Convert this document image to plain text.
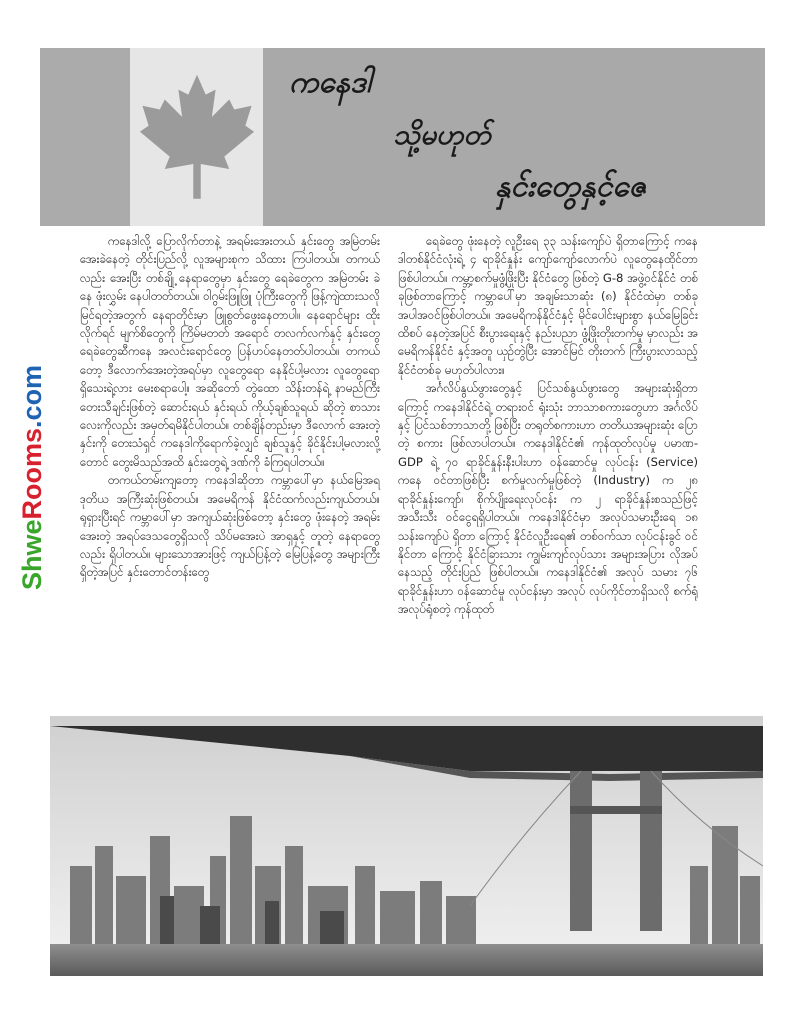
ကနေဒါ
သို့မဟုတ်
နှင်းတွေနှင့်ဇေ
ShweRooms.com

ကနေဒါလို့ ပြောလိုက်တာနဲ့ အရမ်းအေးတယ် နှင်းတွေ အမြဲတမ်း အေးခဲနေတဲ့ တိုင်းပြည်လို့ လူအများစုက သိထား ကြပါတယ်။ တကယ်လည်း အေးပြီး တစ်ချို့ နေရာတွေမှာ နှင်းတွေ ရေခဲတွေက အမြဲတမ်း ခဲနေ ဖုံးလွှမ်း နေပါတတ်တယ်။ ဝါဂွမ်းဖြူဖြူ ပုံကြီးတွေကို ဖြန့်ကျဲထားသလို မြင်ရတဲ့အတွက် နေရာတိုင်းမှာ ဖြူစွတ်ဖွေးနေတာပါ။ နေရောင်များ ထိုးလိုက်ရင် မျက်စိတွေကို ကြိမ်မတတ် အရောင် တလက်လက်နှင့် နှင်းတွေ ရေခဲတွေဆီကနေ အလင်းရောင်တွေ ပြန်ဟပ်နေတတ်ပါတယ်။ တကယ်တော့ ဒီလောက်အေးတဲ့အရပ်မှာ လူတွေရော နေနိုင်ပါ့မလား လူတွေရော ရှိသေးရဲ့လား မေးစရာပေါ့။ အဆိုတော် တွဲထော သိန်းတန်ရဲ့ နာမည်ကြီး တေးသီချင်းဖြစ်တဲ့ ဆောင်းရယ် နှင်းရယ် ကိုယ့်ချစ်သူရယ် ဆိုတဲ့ စာသားလေးကိုလည်း အမှတ်ရမိနိုင်ပါတယ်။ တစ်ချိန်တည်းမှာ ဒီလောက် အေးတဲ့ နှင်းကို တေးသံရှင် ကနေဒါကိုရောက်ခဲ့လျှင် ချစ်သူနှင့် ခိုင်နိုင်းပါ့မလားလို့တောင် တွေးမိသည်အထိ နှင်းတွေရဲ့ ဒဏ်ကို ခံကြရပါတယ်။

တကယ်တမ်းကျတော့ ကနေဒါဆိုတာ ကမ္ဘာပေါ်မှာ နယ်မြေအရ ဒုတိယ အကြီးဆုံးဖြစ်တယ်။ အမေရိကန် နိုင်ငံထက်လည်းကျယ်တယ်။ ရုရှားပြီးရင် ကမ္ဘာပေါ်မှာ အကျယ်ဆုံးဖြစ်တော့ နှင်းတွေ ဖုံးနေတဲ့ အရမ်းအေးတဲ့ အရပ်ဒေသတွေရှိသလို သိပ်မအေးပဲ အာရှနှင့် တူတဲ့ နေရာတွေလည်း ရှိပါတယ်။ များသောအားဖြင့် ကျယ်ပြန့်တဲ့ မြေပြန့်တွေ အများကြီးရှိတဲ့အပြင် နှင်းတောင်တန်းတွေ

ရေခဲတွေ ဖုံးနေတဲ့ လူဦးရေ ၃၃ သန်းကျော်ပဲ ရှိတာကြောင့် ကနေဒါတစ်နိုင်ငံလုံးရဲ့ ၄ ရာခိုင်နှုန်း ကျော်ကျော်လောက်ပဲ လူတွေနေထိုင်တာဖြစ်ပါတယ်။ ကမ္ဘာ့စက်မှုဖွံ့ဖြိုးပြီး နိုင်ငံတွေ ဖြစ်တဲ့ G-8 အဖွဲ့ဝင်နိုင်ငံ တစ်ခုဖြစ်တာကြောင့် ကမ္ဘာပေါ်မှာ အချမ်းသာဆုံး (၈) နိုင်ငံထဲမှာ တစ်ခု အပါအဝင်ဖြစ်ပါတယ်။ အမေရိကန်နိုင်ငံနှင့် မိုင်ပေါင်းများစွာ နယ်မြေခြင်း ထိစပ် နေတဲ့အပြင် စီးပွားရေးနှင့် နည်းပညာ ဖွံ့ဖြိုးတိုးတက်မှု မှာလည်း အမေရိကန်နိုင်ငံ နှင့်အတူ ယှဉ်တွဲပြီး အောင်မြင် တိုးတက် ကြီးပွားလာသည့်နိုင်ငံတစ်ခု မဟုတ်ပါလား။

အင်္ဂလိပ်နွယ်ဖွားတွေနှင့် ပြင်သစ်နွယ်ဖွားတွေ အများဆုံးရှိတာကြောင့် ကနေဒါနိုင်ငံရဲ့ တရားဝင် ရုံးသုံး ဘာသာစကားတွေဟာ အင်္ဂလိပ်နှင့် ပြင်သစ်ဘာသာတို့ ဖြစ်ပြီး တရုတ်စကားဟာ တတိယအများဆုံး ပြောတဲ့ စကား ဖြစ်လာပါတယ်။ ကနေဒါနိုင်ငံ၏ ကုန်ထုတ်လုပ်မှု ပမာဏ- GDP ရဲ့ ၇၀ ရာခိုင်နှုန်းနီးပါးဟာ ဝန်ဆောင်မှု လုပ်ငန်း (Service) ကနေ ဝင်တာဖြစ်ပြီး စက်မှုလက်မှုဖြစ်တဲ့ (Industry) က ၂၈ ရာခိုင်နှုန်းကျော်၊ စိုက်ပျိုးရေးလုပ်ငန်း က ၂ ရာခိုင်နှုန်းစသည်ဖြင့် အသီးသီး ဝင်ငွေရရှိပါတယ်။ ကနေဒါနိုင်ငံမှာ အလုပ်သမားဦးရေ ၁၈ သန်းကျော်ပဲ ရှိတာ ကြောင့် နိုင်ငံလူဦးရေ၏ တစ်ဝက်သာ လုပ်ငန်းခွင် ဝင်နိုင်တာ ကြောင့် နိုင်ငံခြားသား ကျွမ်းကျင်လုပ်သား အများအပြား လိုအပ်နေသည့် တိုင်းပြည် ဖြစ်ပါတယ်။ ကနေဒါနိုင်ငံ၏ အလုပ် သမား ၇၆ ရာခိုင်နှုန်းဟာ ဝန်ဆောင်မှု လုပ်ငန်းမှာ အလုပ် လုပ်ကိုင်တာရှိသလို စက်ရုံ အလုပ်ရုံစတဲ့ ကုန်ထုတ်
